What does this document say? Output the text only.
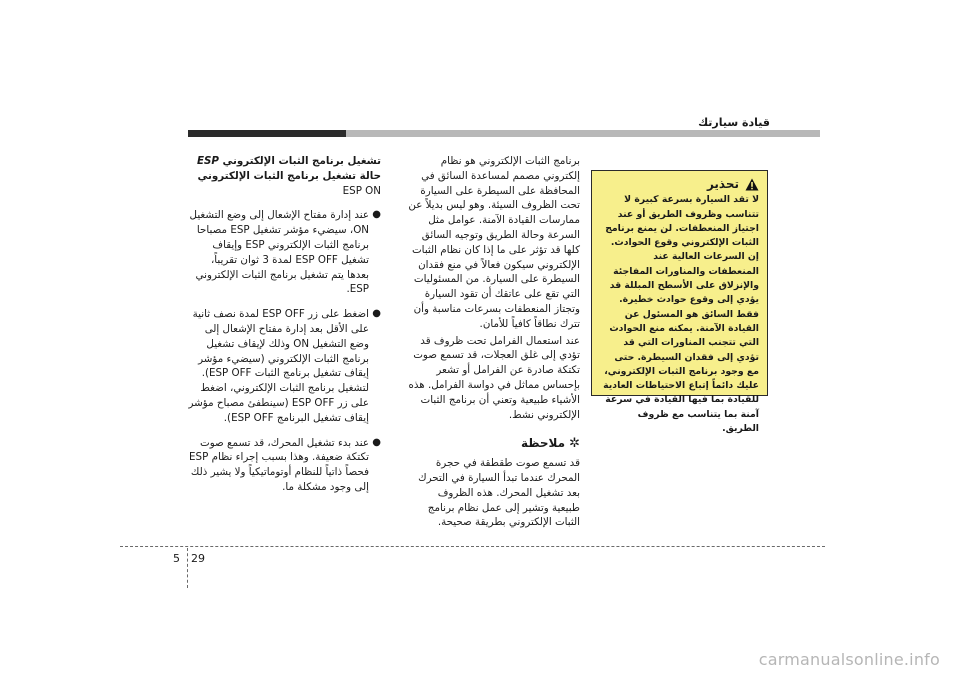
قيادة سيارتك

برنامج الثبات الإلكتروني هو نظام إلكتروني مصمم لمساعدة السائق في المحافظة على السيطرة على السيارة تحت الظروف السيئة. وهو ليس بديلاً عن ممارسات القيادة الآمنة. عوامل مثل السرعة وحالة الطريق وتوجيه السائق كلها قد تؤثر على ما إذا كان نظام الثبات الإلكتروني سيكون فعالاً في منع فقدان السيطرة على السيارة. من المسئوليات التي تقع على عاتقك أن تقود السيارة وتجتاز المنعطفات بسرعات مناسبة وأن تترك نطاقاً كافياً للأمان.

عند استعمال الفرامل تحت ظروف قد تؤدي إلى غلق العجلات، قد تسمع صوت تكتكة صادرة عن الفرامل أو تشعر بإحساس مماثل في دواسة الفرامل. هذه الأشياء طبيعية وتعني أن برنامج الثبات الإلكتروني نشط.

✲ملاحظة

قد تسمع صوت طقطقة في حجرة المحرك عندما تبدأ السيارة في التحرك بعد تشغيل المحرك. هذه الظروف طبيعية وتشير إلى عمل نظام برنامج الثبات الإلكتروني بطريقة صحيحة.

تشغيل برنامج الثبات الإلكتروني ESP

حالة تشغيل برنامج الثبات الإلكتروني

ESP ON

●
عند إدارة مفتاح الإشعال إلى وضع التشغيل ON، سيضيء مؤشر تشغيل ESP مصباحا برنامج الثبات الإلكتروني ESP وإيقاف تشغيل ESP OFF لمدة 3 ثوان تقريباً، بعدها يتم تشغيل برنامج الثبات الإلكتروني ESP.
●
اضغط على زر ESP OFF لمدة نصف ثانية على الأقل بعد إدارة مفتاح الإشعال إلى وضع التشغيل ON وذلك لإيقاف تشغيل برنامج الثبات الإلكتروني (سيضيء مؤشر إيقاف تشغيل برنامج الثبات ESP OFF). لتشغيل برنامج الثبات الإلكتروني، اضغط على زر ESP OFF (سينطفئ مصباح مؤشر إيقاف تشغيل البرنامج ESP OFF).
●
عند بدء تشغيل المحرك، قد تسمع صوت تكتكة ضعيفة. وهذا بسبب إجراء نظام ESP فحصاً ذاتياً للنظام أوتوماتيكياً ولا يشير ذلك إلى وجود مشكلة ما.
تحذير
لا تقد السيارة بسرعة كبيرة لا تتناسب وظروف الطريق أو عند اجتياز المنعطفات. لن يمنع برنامج الثبات الإلكتروني وقوع الحوادث. إن السرعات العالية عند المنعطفات والمناورات المفاجئة والإنزلاق على الأسطح المبللة قد يؤدي إلى وقوع حوادث خطيرة. فقط السائق هو المسئول عن القيادة الآمنة. يمكنه منع الحوادث التي تتجنب المناورات التي قد تؤدي إلى فقدان السيطرة. حتى مع وجود برنامج الثبات الإلكتروني، عليك دائماً إتباع الاحتياطات العادية للقيادة بما فيها القيادة في سرعة آمنة بما يتناسب مع ظروف الطريق.
5 29
carmanualsonline.info
